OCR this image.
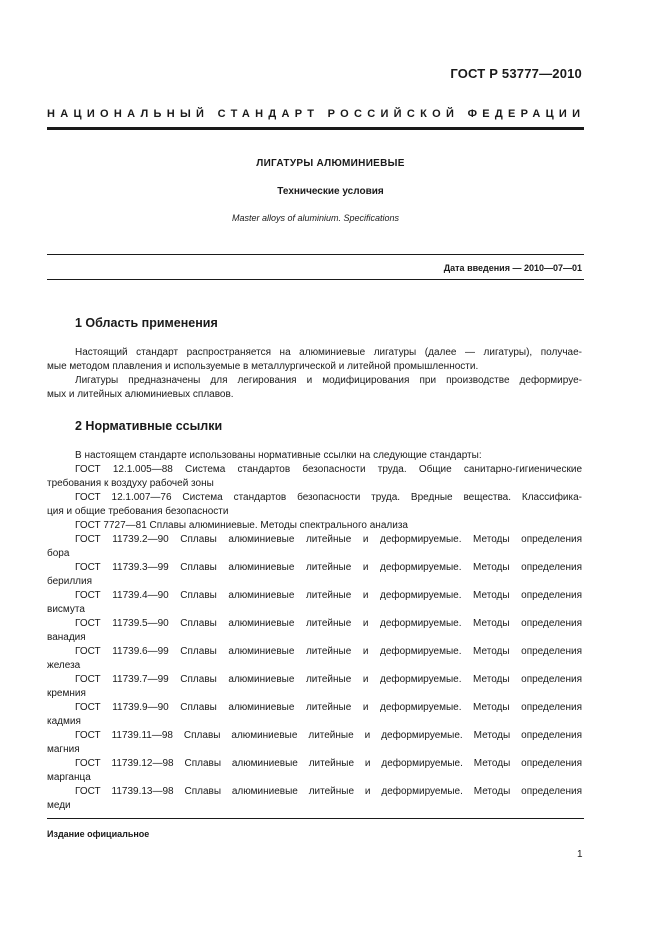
ГОСТ Р 53777—2010
НАЦИОНАЛЬНЫЙ СТАНДАРТ РОССИЙСКОЙ ФЕДЕРАЦИИ
ЛИГАТУРЫ АЛЮМИНИЕВЫЕ
Технические условия
Master alloys of aluminium. Specifications
Дата введения — 2010—07—01
1 Область применения
Настоящий стандарт распространяется на алюминиевые лигатуры (далее — лигатуры), получае-
мые методом плавления и используемые в металлургической и литейной промышленности.
Лигатуры предназначены для легирования и модифицирования при производстве деформируе-
мых и литейных алюминиевых сплавов.
2 Нормативные ссылки
В настоящем стандарте использованы нормативные ссылки на следующие стандарты:
ГОСТ 12.1.005—88 Система стандартов безопасности труда. Общие санитарно-гигиенические
требования к воздуху рабочей зоны
ГОСТ 12.1.007—76 Система стандартов безопасности труда. Вредные вещества. Классифика-
ция и общие требования безопасности
ГОСТ 7727—81 Сплавы алюминиевые. Методы спектрального анализа
ГОСТ 11739.2—90 Сплавы алюминиевые литейные и деформируемые. Методы определения
бора
ГОСТ 11739.3—99 Сплавы алюминиевые литейные и деформируемые. Методы определения
бериллия
ГОСТ 11739.4—90 Сплавы алюминиевые литейные и деформируемые. Методы определения
висмута
ГОСТ 11739.5—90 Сплавы алюминиевые литейные и деформируемые. Методы определения
ванадия
ГОСТ 11739.6—99 Сплавы алюминиевые литейные и деформируемые. Методы определения
железа
ГОСТ 11739.7—99 Сплавы алюминиевые литейные и деформируемые. Методы определения
кремния
ГОСТ 11739.9—90 Сплавы алюминиевые литейные и деформируемые. Методы определения
кадмия
ГОСТ 11739.11—98 Сплавы алюминиевые литейные и деформируемые. Методы определения
магния
ГОСТ 11739.12—98 Сплавы алюминиевые литейные и деформируемые. Методы определения
марганца
ГОСТ 11739.13—98 Сплавы алюминиевые литейные и деформируемые. Методы определения
меди
Издание официальное
1
